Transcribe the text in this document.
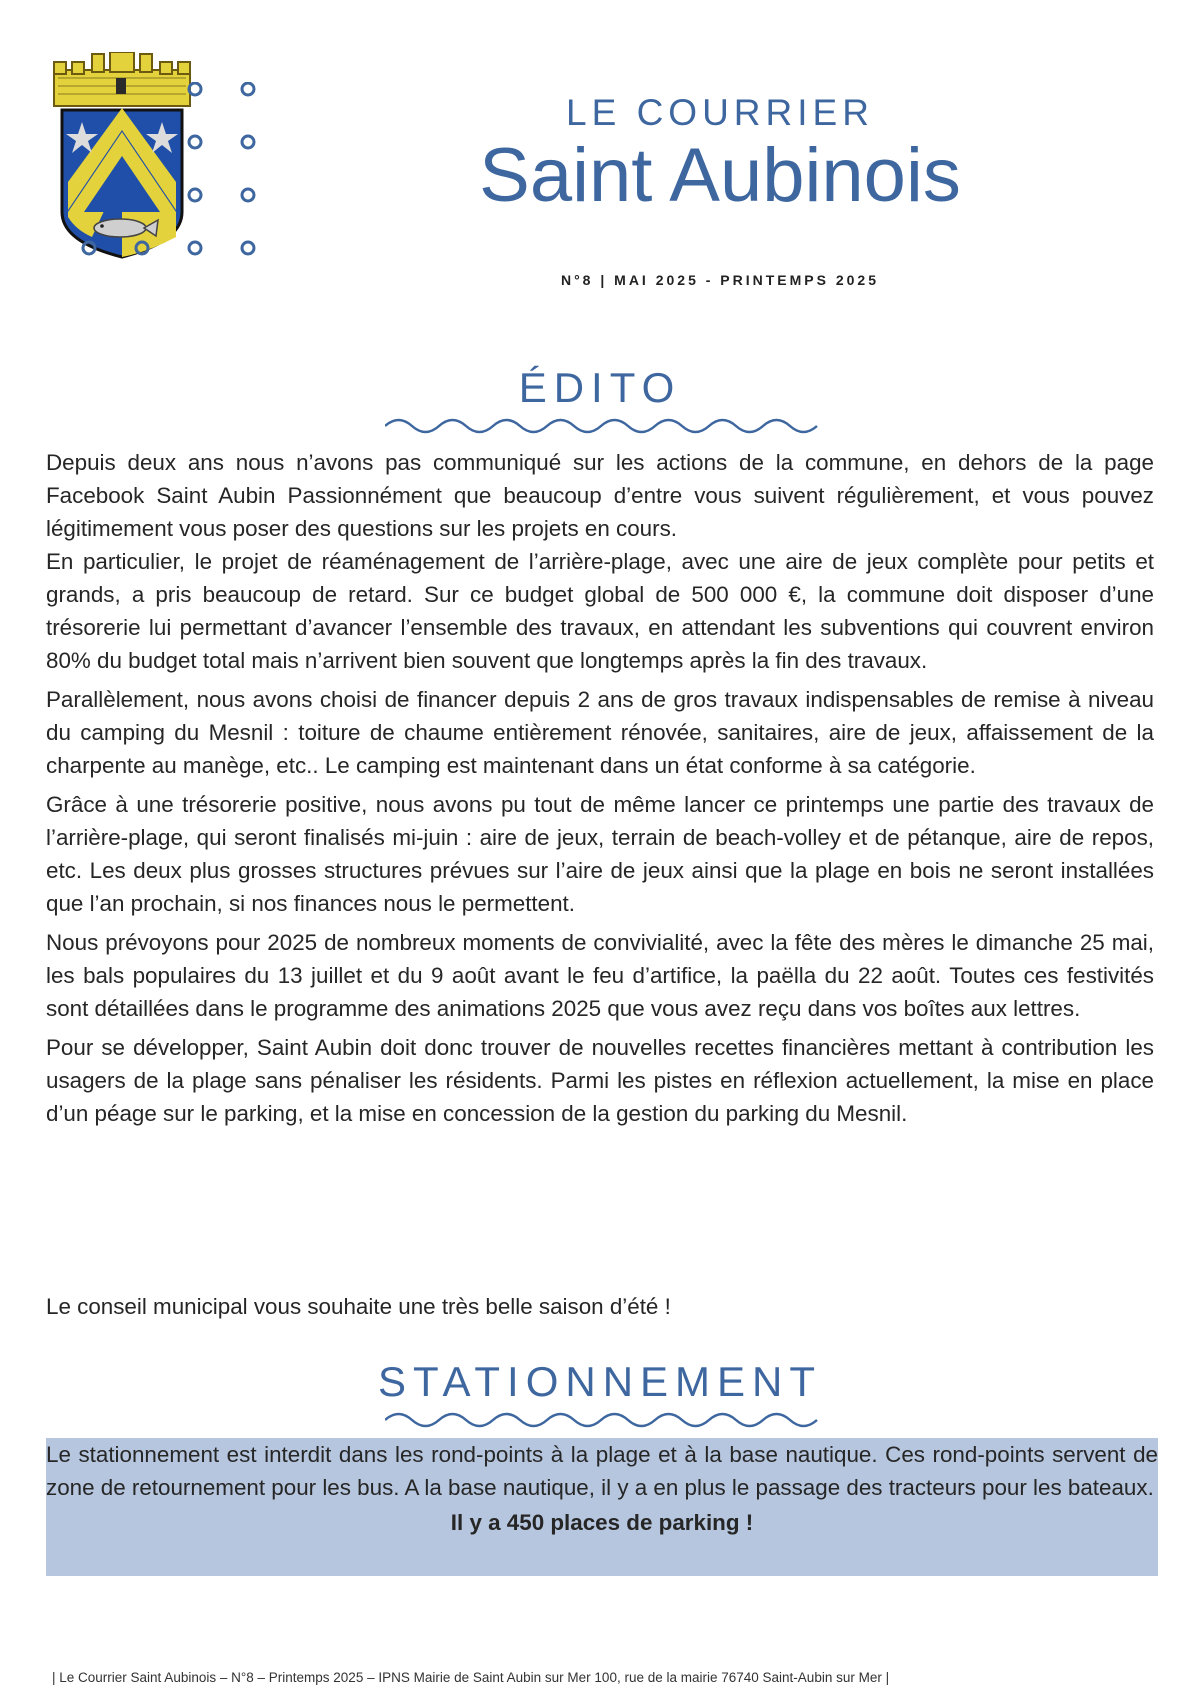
LE COURRIER
Saint Aubinois
N°8 | MAI 2025 - PRINTEMPS 2025
ÉDITO

Depuis deux ans nous n’avons pas communiqué sur les actions de la commune, en dehors de la page Facebook Saint Aubin Passionnément que beaucoup d’entre vous suivent régulièrement, et vous pouvez légitimement vous poser des questions sur les projets en cours.

En particulier, le projet de réaménagement de l’arrière-plage, avec une aire de jeux complète pour petits et grands, a pris beaucoup de retard. Sur ce budget global de 500 000 €, la commune doit disposer d’une trésorerie lui permettant d’avancer l’ensemble des travaux, en attendant les subventions qui couvrent environ 80% du budget total mais n’arrivent bien souvent que longtemps après la fin des travaux.

Parallèlement, nous avons choisi de financer depuis 2 ans de gros travaux indispensables de remise à niveau du camping du Mesnil : toiture de chaume entièrement rénovée, sanitaires, aire de jeux, affaissement de la charpente au manège, etc.. Le camping est maintenant dans un état conforme à sa catégorie.

Grâce à une trésorerie positive, nous avons pu tout de même lancer ce printemps une partie des travaux de l’arrière-plage, qui seront finalisés mi-juin : aire de jeux, terrain de beach-volley et de pétanque, aire de repos, etc. Les deux plus grosses structures prévues sur l’aire de jeux ainsi que la plage en bois ne seront installées que l’an prochain, si nos finances nous le permettent.

Nous prévoyons pour 2025 de nombreux moments de convivialité, avec la fête des mères le dimanche 25 mai, les bals populaires du 13 juillet et du 9 août avant le feu d’artifice, la paëlla du 22 août. Toutes ces festivités sont détaillées dans le programme des animations 2025 que vous avez reçu dans vos boîtes aux lettres.

Pour se développer, Saint Aubin doit donc trouver de nouvelles recettes financières mettant à contribution les usagers de la plage sans pénaliser les résidents. Parmi les pistes en réflexion actuellement, la mise en place d’un péage sur le parking, et la mise en concession de la gestion du parking du Mesnil.

Le conseil municipal vous souhaite une très belle saison d’été !

STATIONNEMENT

Le stationnement est interdit dans les rond-points à la plage et à la base nautique. Ces rond-points servent de zone de retournement pour les bus. A la base nautique, il y a en plus le passage des tracteurs pour les bateaux.

Il y a 450 places de parking !
| Le Courrier Saint Aubinois – N°8 – Printemps 2025 – IPNS Mairie de Saint Aubin sur Mer 100, rue de la mairie 76740 Saint-Aubin sur Mer |
